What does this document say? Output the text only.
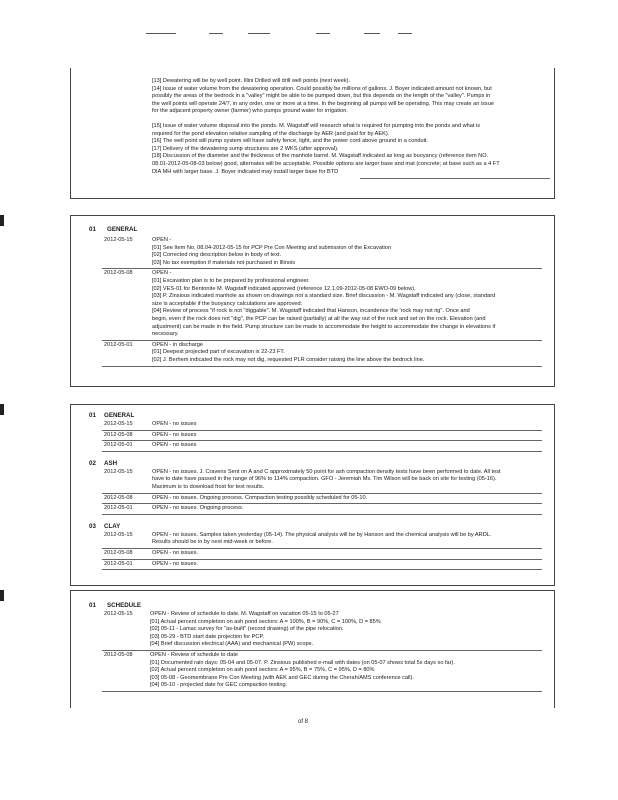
[13] Dewatering will be by well point. Illini Drilled will drill well points (next week).
[14] Issue of water volume from the dewatering operation. Could possibly be millions of gallons. J. Boyer indicated amount not known, but
possibly the areas of the bedrock in a "valley" might be able to be pumped down, but this depends on the length of the "valley". Pumps in
the well points will operate 24/7, in any order, one or more at a time. In the beginning all pumps will be operating. This may create an issue
for the adjacent property owner (farmer) who pumps ground water for irrigation.
[15] Issue of water volume disposal into the ponds. M. Wagstaff will research what is required for pumping into the ponds and what is
required for the pond elevation relative sampling of the discharge by AER (and paid for by AEK).
[16] The well point will pump system will have safety fence, light, and the power cord above ground in a conduit.
[17] Delivery of the dewatering sump structures are 2 WKS (after approval).
[18] Discussion of the diameter and the thickness of the manhole barrel. M. Wagstaff indicated as long as buoyancy (reference item NO.
08.01-2012-05-08-03 below) good, alternates will be acceptable. Possible options are larger base and mat (concrete; at base such as a 4 FT
DIA MH with larger base. J. Boyer indicated may install larger base for BTD
01 GENERAL
2012-05-15	OPEN -
[01] See Item No. 08.04-2012-05-15 for PCP Pre Con Meeting and submission of the Excavation
[02] Corrected ring description below in body of text.
[03] No tax exemption if materials not purchased in Illinois
2012-05-08	OPEN -
[01] Excavation plan is to be prepared by professional engineer.
[02] VES-01 for Bentonite M. Wagstaff indicated approved (reference 12.1.09-2012-05-08 EWO-09 below).
[03] P. Zinsious indicated manhole as shown on drawings not a standard size. Brief discussion - M. Wagstaff indicated any (close, standard
size is acceptable if the buoyancy calculations are approved.
[04] Review of process "if rock is not "diggable". M. Wagstaff indicated that Hanson, incandence the 'rock may not rig". Once and
begin, even if the rock does not "dig", the PCP can be raised (partially) at all the way out of the rock and set on the rock. Elevation (and
adjustment) can be made in the field. Pump structure can be made to accommodate the height to accommodate the change in elevations if
necessary.
2012-05-01	OPEN - in discharge
[01] Deepest projected part of excavation is 22-23 FT.
[02] J. Berhem indicated the rock may not dig, requested PLR consider raising the line above the bedrock line.
01 GENERAL
2012-05-15	OPEN - no issues
2012-05-08	OPEN - no issues
2012-05-01	OPEN - no issues
02 ASH
2012-05-15	OPEN - no issues. J. Cravens Sent on A and C approximately 50 point for ash compaction density tests have been performed to date. All test
have to date have passed in the range of 96% to 114% compaction. GFO - Jeremiah Ms. Tim Wilson will be back on site for testing (05-16).
Maximum is to download frost for test results.
2012-05-08	OPEN - no issues. Ongoing process. Compaction testing possibly scheduled for 05-10.
2012-05-01	OPEN - no issues. Ongoing process.
03 CLAY
2012-05-15	OPEN - no issues. Samples taken yesterday (05-14). The physical analysis will be by Hanson and the chemical analysis will be by ARDL.
Results should be in by next mid-week or before.
2012-05-08	OPEN - no issues.
2012-05-01	OPEN - no issues.
01 SCHEDULE
2012-05-15	OPEN - Review of schedule to date. M. Wagstaff on vacation 05-15 to 05-27
[01] Actual percent completion on ash pond sectors: A = 100%, B = 90%, C = 100%, D = 85%
[02] 05-11 - Lamac survey for "as-built" (record drawing) of the pipe relocation.
[03] 05-29 - BTD start date projection for PCP.
[04] Brief discussion electrical (AAA) and mechanical (PW) scope.
2012-05-08	OPEN - Review of schedule to date
[01] Documented rain days: 05-04 and 05-07. P. Zinsious published e-mail with dates (on 05-07 shows total 5x days so far).
[02] Actual percent completion on ash pond sectors: A = 95%, B = 75%, C = 95%, D = 80%
[03] 05-08 - Geomembrane Pre Con Meeting (with AEK and GEC during the Cherah/AMS conference call).
[04] 05-10 - projected date for GEC compaction testing.
of 8
